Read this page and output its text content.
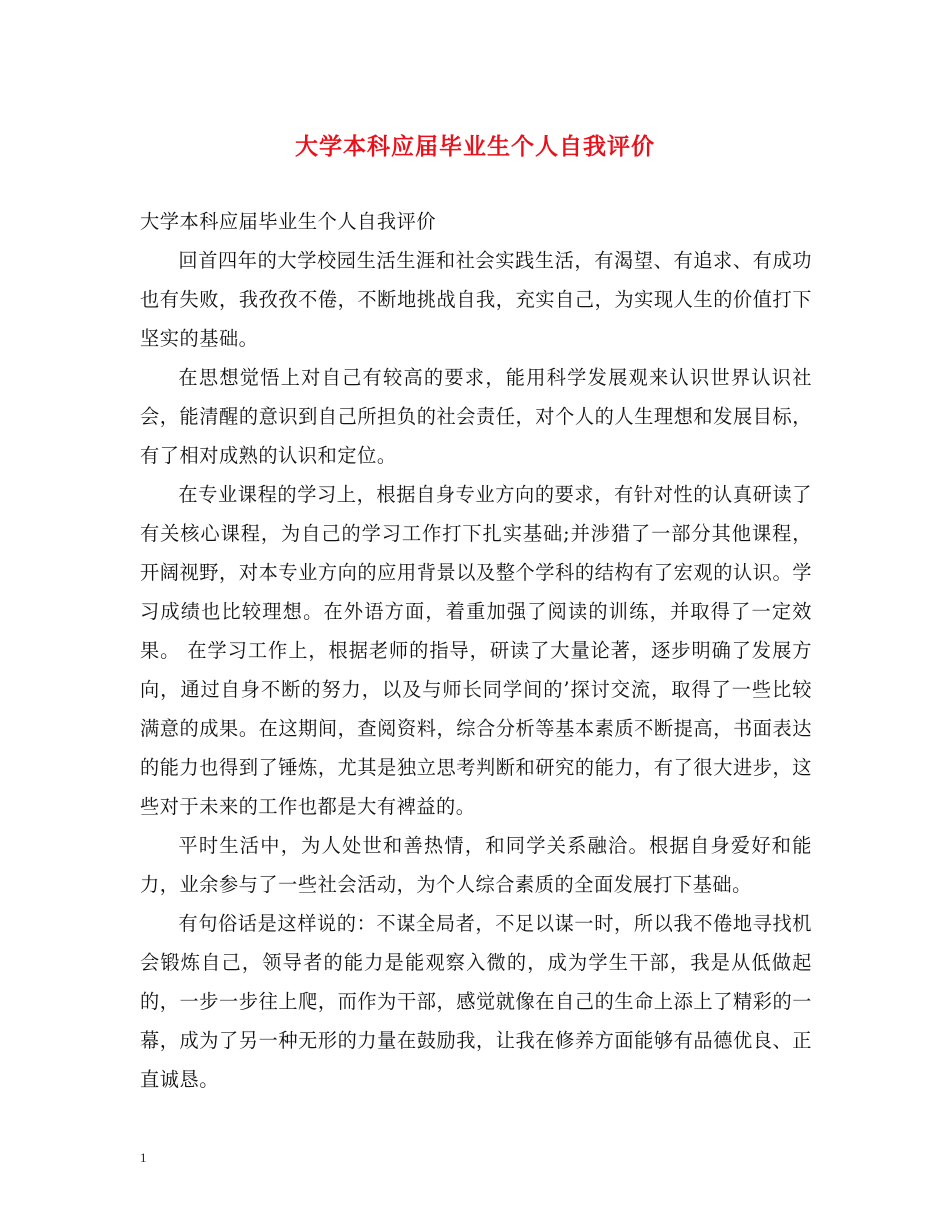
大学本科应届毕业生个人自我评价

大学本科应届毕业生个人自我评价

回首四年的大学校园生活生涯和社会实践生活，有渴望、有追求、有成功也有失败，我孜孜不倦，不断地挑战自我，充实自己，为实现人生的价值打下坚实的基础。

在思想觉悟上对自己有较高的要求，能用科学发展观来认识世界认识社会，能清醒的意识到自己所担负的社会责任，对个人的人生理想和发展目标，有了相对成熟的认识和定位。

在专业课程的学习上，根据自身专业方向的要求，有针对性的认真研读了有关核心课程，为自己的学习工作打下扎实基础;并涉猎了一部分其他课程，开阔视野，对本专业方向的应用背景以及整个学科的结构有了宏观的认识。学习成绩也比较理想。在外语方面，着重加强了阅读的训练，并取得了一定效果。 在学习工作上，根据老师的指导，研读了大量论著，逐步明确了发展方向，通过自身不断的努力，以及与师长同学间的’探讨交流，取得了一些比较满意的成果。在这期间，查阅资料，综合分析等基本素质不断提高，书面表达的能力也得到了锤炼，尤其是独立思考判断和研究的能力，有了很大进步，这些对于未来的工作也都是大有裨益的。

平时生活中，为人处世和善热情，和同学关系融洽。根据自身爱好和能力，业余参与了一些社会活动，为个人综合素质的全面发展打下基础。

有句俗话是这样说的：不谋全局者，不足以谋一时，所以我不倦地寻找机会锻炼自己，领导者的能力是能观察入微的，成为学生干部，我是从低做起的，一步一步往上爬，而作为干部，感觉就像在自己的生命上添上了精彩的一幕，成为了另一种无形的力量在鼓励我，让我在修养方面能够有品德优良、正直诚恳。

1
